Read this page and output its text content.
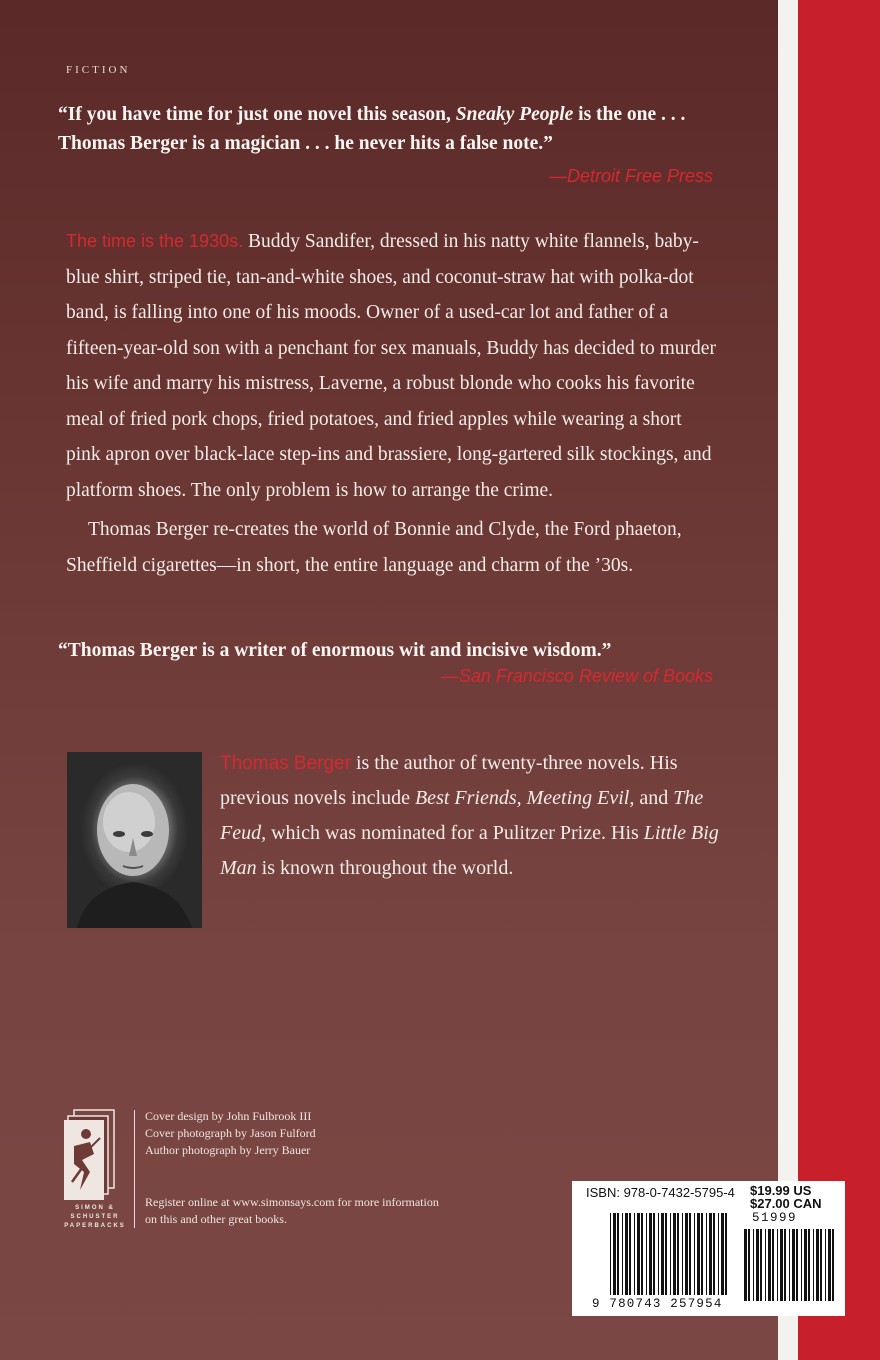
FICTION
“If you have time for just one novel this season, Sneaky People is the one . . .
Thomas Berger is a magician . . . he never hits a false note.”
—Detroit Free Press

The time is the 1930s. Buddy Sandifer, dressed in his natty white flannels, baby-blue shirt, striped tie, tan-and-white shoes, and coconut-straw hat with polka-dot band, is falling into one of his moods. Owner of a used-car lot and father of a fifteen-year-old son with a penchant for sex manuals, Buddy has decided to murder his wife and marry his mistress, Laverne, a robust blonde who cooks his favorite meal of fried pork chops, fried potatoes, and fried apples while wearing a short pink apron over black-lace step-ins and brassiere, long-gartered silk stockings, and platform shoes. The only problem is how to arrange the crime.

Thomas Berger re-creates the world of Bonnie and Clyde, the Ford phaeton, Sheffield cigarettes—in short, the entire language and charm of the ’30s.

“Thomas Berger is a writer of enormous wit and incisive wisdom.”
—San Francisco Review of Books
Thomas Berger is the author of twenty-three novels. His previous novels include Best Friends, Meeting Evil, and The Feud, which was nominated for a Pulitzer Prize. His Little Big Man is known throughout the world.
SIMON & SCHUSTER PAPERBACKS
Cover design by John Fulbrook III
Cover photograph by Jason Fulford
Author photograph by Jerry Bauer
Register online at www.simonsays.com for more information on this and other great books.
ISBN: 978-0-7432-5795-4 $19.99 US
$27.00 CAN
51999
9 780743 257954
